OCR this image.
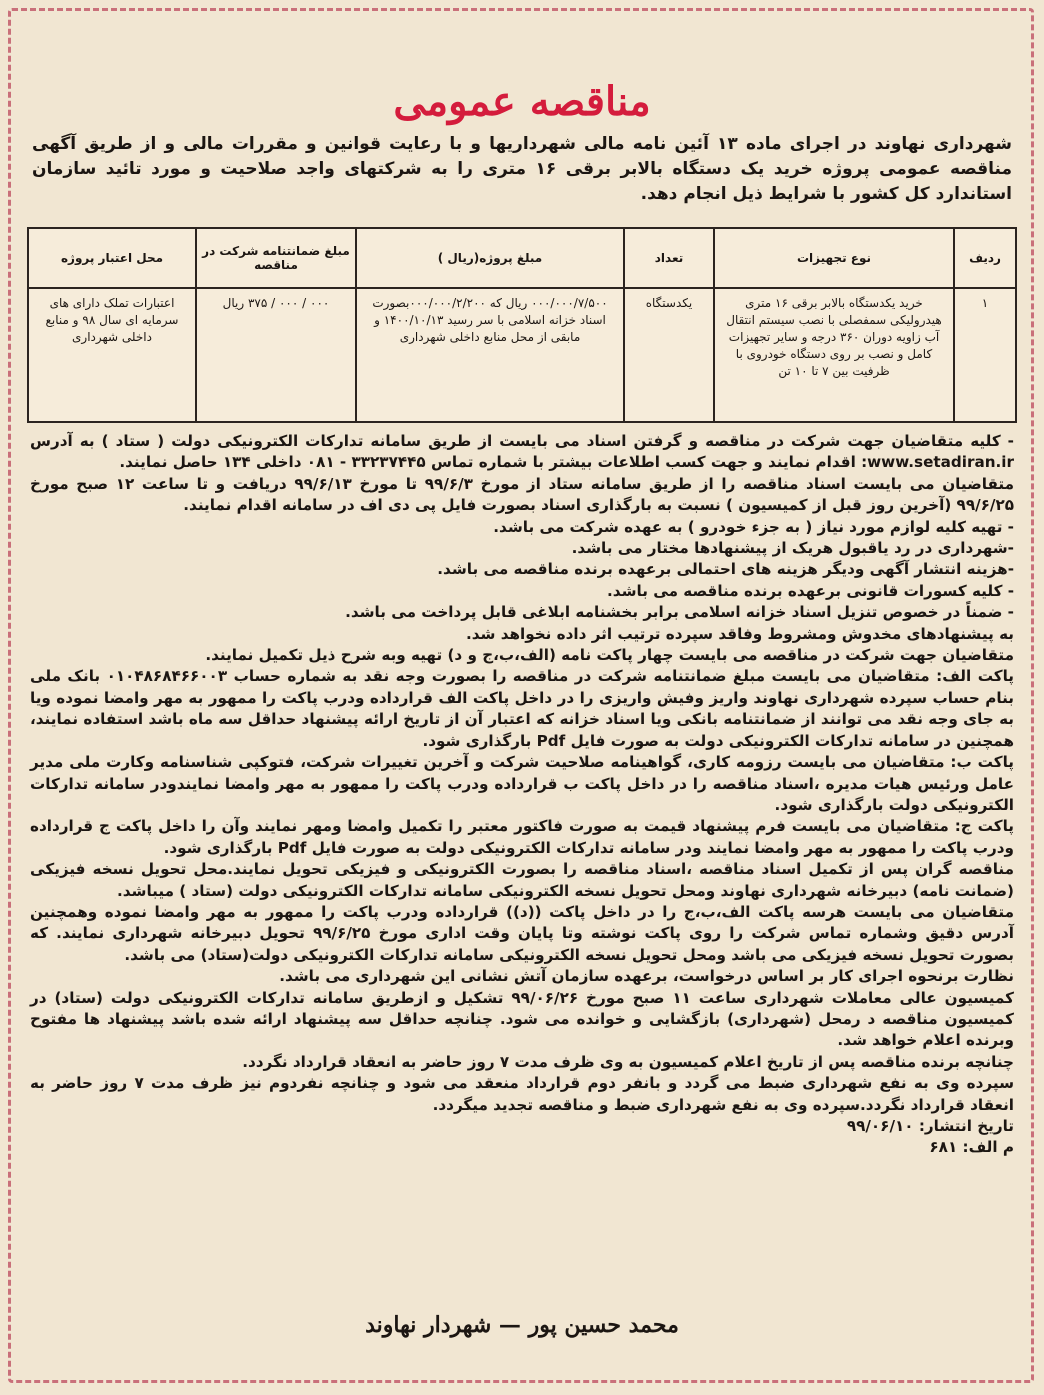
مناقصه عمومی
شهرداری نهاوند در اجرای ماده ۱۳ آئین نامه مالی شهرداریها و با رعایت قوانین و مقررات مالی و از طریق آگهی مناقصه عمومی پروژه خرید یک دستگاه بالابر برقی ۱۶ متری را به شرکتهای واجد صلاحیت و مورد تائید سازمان استاندارد کل کشور با شرایط ذیل انجام دهد.
ردیف	نوع تجهیزات	تعداد	مبلغ پروژه(ریال )	مبلغ ضمانتنامه شرکت در مناقصه	محل اعتبار پروژه
۱	خرید یکدستگاه بالابر برقی ۱۶ متری هیدرولیکی سمفصلی با نصب سیستم انتقال آب زاویه دوران ۳۶۰ درجه و سایر تجهیزات کامل و نصب بر روی دستگاه خودروی با ظرفیت بین ۷ تا ۱۰ تن	یکدستگاه	۰۰۰/۰۰۰/۷/۵۰۰ ریال که ۰۰۰/۰۰۰/۲/۲۰۰بصورت اسناد خزانه اسلامی با سر رسید ۱۴۰۰/۱۰/۱۳ و مابقی از محل منابع داخلی شهرداری	۰۰۰ / ۰۰۰ / ۳۷۵ ریال	اعتبارات تملک دارای های سرمایه ای سال ۹۸ و منابع داخلی شهرداری

- کلیه متقاضیان جهت شرکت در مناقصه و گرفتن اسناد می بایست از طریق سامانه تدارکات الکترونیکی دولت ( ستاد ) به آدرس www.setadiran.ir: اقدام نمایند و جهت کسب اطلاعات بیشتر با شماره تماس ۳۳۲۳۷۴۴۵ - ۰۸۱ داخلی ۱۳۴ حاصل نمایند.

متقاضیان می بایست اسناد مناقصه را از طریق سامانه ستاد از مورخ ۹۹/۶/۳ تا مورخ ۹۹/۶/۱۳ دریافت و تا ساعت ۱۲ صبح مورخ ۹۹/۶/۲۵ (آخرین روز قبل از کمیسیون ) نسبت به بارگذاری اسناد بصورت فایل پی دی اف در سامانه اقدام نمایند.

- تهیه کلیه لوازم مورد نیاز ( به جزء خودرو ) به عهده شرکت می باشد.

-شهرداری در رد یاقبول هریک از پیشنهادها مختار می باشد.

-هزینه انتشار آگهی ودیگر هزینه های احتمالی برعهده برنده مناقصه می باشد.

- کلیه کسورات قانونی برعهده برنده مناقصه می باشد.

- ضمناً در خصوص تنزیل اسناد خزانه اسلامی برابر بخشنامه ابلاغی قابل پرداخت می باشد.

به پیشنهادهای مخدوش ومشروط وفاقد سپرده ترتیب اثر داده نخواهد شد.

متقاضیان جهت شرکت در مناقصه می بایست چهار پاکت نامه (الف،ب،ج و د) تهیه وبه شرح ذیل تکمیل نمایند.

پاکت الف: متقاضیان می بایست مبلغ ضمانتنامه شرکت در مناقصه را بصورت وجه نقد به شماره حساب ۰۱۰۴۸۶۸۴۶۶۰۰۳ بانک ملی بنام حساب سپرده شهرداری نهاوند واریز وفیش واریزی را در داخل پاکت الف قرارداده ودرب پاکت را ممهور به مهر وامضا نموده ویا به جای وجه نقد می توانند از ضمانتنامه بانکی ویا اسناد خزانه که اعتبار آن از تاریخ ارائه پیشنهاد حداقل سه ماه باشد استفاده نمایند، همچنین در سامانه تدارکات الکترونیکی دولت به صورت فایل Pdf بارگذاری شود.

پاکت ب: متقاضیان می بایست رزومه کاری، گواهینامه صلاحیت شرکت و آخرین تغییرات شرکت، فتوکپی شناسنامه وکارت ملی مدیر عامل ورئیس هیات مدیره ،اسناد مناقصه را در داخل پاکت ب قرارداده ودرب پاکت را ممهور به مهر وامضا نمایندودر سامانه تدارکات الکترونیکی دولت بارگذاری شود.

پاکت ج: متقاضیان می بایست فرم پیشنهاد قیمت به صورت فاکتور معتبر را تکمیل وامضا ومهر نمایند وآن را داخل پاکت ج قرارداده ودرب پاکت را ممهور به مهر وامضا نمایند ودر سامانه تدارکات الکترونیکی دولت به صورت فایل Pdf بارگذاری شود.

مناقصه گران پس از تکمیل اسناد مناقصه ،اسناد مناقصه را بصورت الکترونیکی و فیزیکی تحویل نمایند.محل تحویل نسخه فیزیکی (ضمانت نامه) دبیرخانه شهرداری نهاوند ومحل تحویل نسخه الکترونیکی سامانه تدارکات الکترونیکی دولت (ستاد ) میباشد.

متقاضیان می بایست هرسه پاکت الف،ب،ج را در داخل پاکت ((د)) قرارداده ودرب پاکت را ممهور به مهر وامضا نموده وهمچنین آدرس دقیق وشماره تماس شرکت را روی پاکت نوشته وتا پایان وقت اداری مورخ ۹۹/۶/۲۵ تحویل دبیرخانه شهرداری نمایند. که بصورت تحویل نسخه فیزیکی می باشد ومحل تحویل نسخه الکترونیکی سامانه تدارکات الکترونیکی دولت(ستاد) می باشد.

نظارت برنحوه اجرای کار بر اساس درخواست، برعهده سازمان آتش نشانی این شهرداری می باشد.

کمیسیون عالی معاملات شهرداری ساعت ۱۱ صبح مورخ ۹۹/۰۶/۲۶ تشکیل و ازطریق سامانه تدارکات الکترونیکی دولت (ستاد) در کمیسیون مناقصه د رمحل (شهرداری) بازگشایی و خوانده می شود. چنانچه حداقل سه پیشنهاد ارائه شده باشد پیشنهاد ها مفتوح وبرنده اعلام خواهد شد.

چنانچه برنده مناقصه پس از تاریخ اعلام کمیسیون به وی ظرف مدت ۷ روز حاضر به انعقاد قرارداد نگردد.

سپرده وی به نفع شهرداری ضبط می گردد و بانفر دوم قرارداد منعقد می شود و چنانچه نفردوم نیز ظرف مدت ۷ روز حاضر به انعقاد قرارداد نگردد.سپرده وی به نفع شهرداری ضبط و مناقصه تجدید میگردد.

تاریخ انتشار: ۹۹/۰۶/۱۰

م الف: ۶۸۱

محمد حسین پور — شهردار نهاوند
